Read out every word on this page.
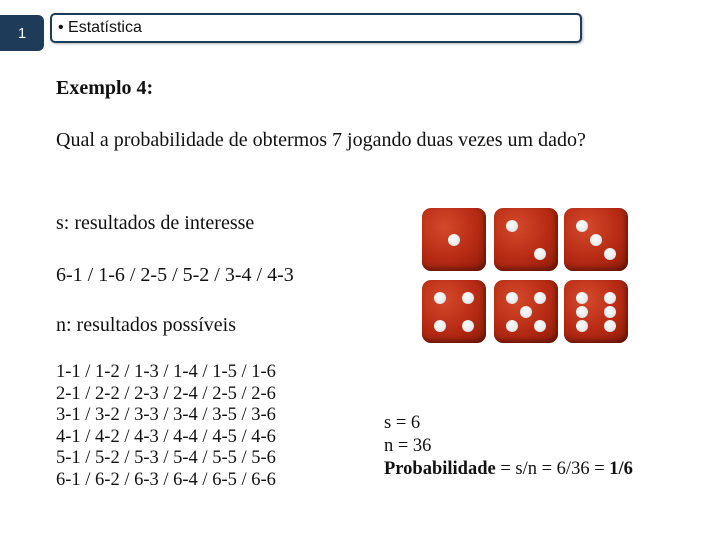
1	• Estatística
Exemplo 4:
Qual a probabilidade de obtermos 7 jogando duas vezes um dado?
s: resultados de interesse
6-1 / 1-6 / 2-5 / 5-2 / 3-4 / 4-3
n: resultados possíveis
1-1 / 1-2 / 1-3 / 1-4 / 1-5 / 1-6
2-1 / 2-2 / 2-3 / 2-4 / 2-5 / 2-6
3-1 / 3-2 / 3-3 / 3-4 / 3-5 / 3-6
4-1 / 4-2 / 4-3 / 4-4 / 4-5 / 4-6
5-1 / 5-2 / 5-3 / 5-4 / 5-5 / 5-6
6-1 / 6-2 / 6-3 / 6-4 / 6-5 / 6-6
s = 6
n = 36
Probabilidade = s/n = 6/36 = 1/6
